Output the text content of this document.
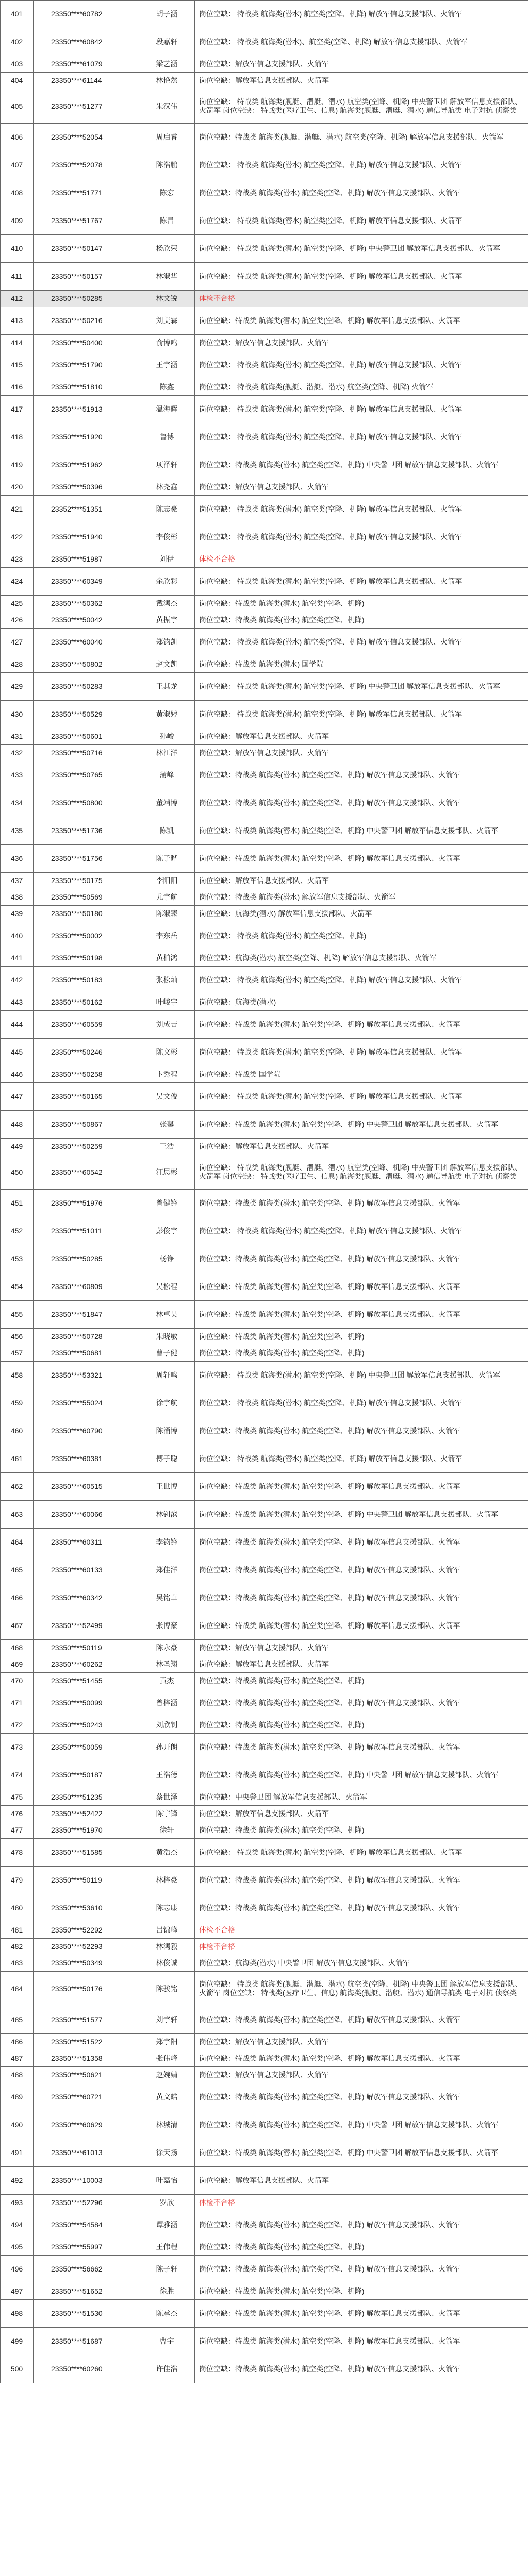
401	23350****60782	胡子涵	岗位空缺： 特战类 航海类(潜水) 航空类(空降、机降) 解放军信息支援部队、火箭军
402	23350****60842	段嘉轩	岗位空缺： 特战类 航海类(潜水)、航空类(空降、机降) 解放军信息支援部队、火箭军
403	23350****61079	梁艺涵	岗位空缺：解放军信息支援部队、火箭军
404	23350****61144	林艳然	岗位空缺：解放军信息支援部队、火箭军
405	23350****51277	朱汉伟	岗位空缺： 特战类 航海类(舰艇、潜艇、潜水) 航空类(空降、机降) 中央警卫团 解放军信息支援部队、火箭军 岗位空缺： 特战类(医疗卫生、信息) 航海类(舰艇、潜艇、潜水) 通信导航类 电子对抗 侦察类
406	23350****52054	周启睿	岗位空缺：特战类 航海类(舰艇、潜艇、潜水) 航空类(空降、机降) 解放军信息支援部队、火箭军
407	23350****52078	陈浩鹏	岗位空缺： 特战类 航海类(潜水) 航空类(空降、机降) 解放军信息支援部队、火箭军
408	23350****51771	陈宏	岗位空缺：特战类 航海类(潜水) 航空类(空降、机降) 解放军信息支援部队、火箭军
409	23350****51767	陈昌	岗位空缺： 特战类 航海类(潜水) 航空类(空降、机降) 解放军信息支援部队、火箭军
410	23350****50147	杨欣荣	岗位空缺： 特战类 航海类(潜水) 航空类(空降、机降) 中央警卫团 解放军信息支援部队、火箭军
411	23350****50157	林淑华	岗位空缺： 特战类 航海类(潜水) 航空类(空降、机降) 解放军信息支援部队、火箭军
412	23350****50285	林文锐	体检不合格
413	23350****50216	刘美霖	岗位空缺：特战类 航海类(潜水) 航空类(空降、机降) 解放军信息支援部队、火箭军
414	23350****50400	俞博鸣	岗位空缺：解放军信息支援部队、火箭军
415	23350****51790	王宇涵	岗位空缺： 特战类 航海类(潜水) 航空类(空降、机降) 解放军信息支援部队、火箭军
416	23350****51810	陈鑫	岗位空缺： 特战类 航海类(舰艇、潜艇、潜水) 航空类(空降、机降) 火箭军
417	23350****51913	温海晖	岗位空缺： 特战类 航海类(潜水) 航空类(空降、机降) 解放军信息支援部队、火箭军
418	23350****51920	鲁博	岗位空缺： 特战类 航海类(潜水) 航空类(空降、机降) 解放军信息支援部队、火箭军
419	23350****51962	项泽轩	岗位空缺：特战类 航海类(潜水) 航空类(空降、机降) 中央警卫团 解放军信息支援部队、火箭军
420	23350****50396	林尧鑫	岗位空缺：解放军信息支援部队、火箭军
421	23352****51351	陈志豪	岗位空缺： 特战类 航海类(潜水) 航空类(空降、机降) 解放军信息支援部队、火箭军
422	23350****51940	李俊彬	岗位空缺： 特战类 航海类(潜水) 航空类(空降、机降) 解放军信息支援部队、火箭军
423	23350****51987	刘伊	体检不合格
424	23350****60349	余欣彩	岗位空缺： 特战类 航海类(潜水) 航空类(空降、机降) 解放军信息支援部队、火箭军
425	23350****50362	戴鸿杰	岗位空缺：特战类 航海类(潜水) 航空类(空降、机降)
426	23350****50042	黄振宇	岗位空缺：特战类 航海类(潜水) 航空类(空降、机降)
427	23350****60040	郑钧凯	岗位空缺： 特战类 航海类(潜水) 航空类(空降、机降) 解放军信息支援部队、火箭军
428	23350****50802	赵文凯	岗位空缺：特战类 航海类(潜水) 国学院
429	23350****50283	王其龙	岗位空缺： 特战类 航海类(潜水) 航空类(空降、机降) 中央警卫团 解放军信息支援部队、火箭军
430	23350****50529	黄淑婷	岗位空缺： 特战类 航海类(潜水) 航空类(空降、机降) 解放军信息支援部队、火箭军
431	23350****50601	孙峻	岗位空缺：解放军信息支援部队、火箭军
432	23350****50716	林江洋	岗位空缺：解放军信息支援部队、火箭军
433	23350****50765	蒲峰	岗位空缺：特战类 航海类(潜水) 航空类(空降、机降) 解放军信息支援部队、火箭军
434	23350****50800	董靖博	岗位空缺：特战类 航海类(潜水) 航空类(空降、机降) 解放军信息支援部队、火箭军
435	23350****51736	陈凯	岗位空缺：特战类 航海类(潜水) 航空类(空降、机降) 中央警卫团 解放军信息支援部队、火箭军
436	23350****51756	陈子晔	岗位空缺：特战类 航海类(潜水) 航空类(空降、机降) 解放军信息支援部队、火箭军
437	23350****50175	李阳阳	岗位空缺：解放军信息支援部队、火箭军
438	23350****50569	尤宇航	岗位空缺：特战类 航海类(潜水) 解放军信息支援部队、火箭军
439	23350****50180	陈淑臻	岗位空缺：航海类(潜水) 解放军信息支援部队、火箭军
440	23350****50002	李东岳	岗位空缺： 特战类 航海类(潜水) 航空类(空降、机降)
441	23350****50198	黄柏鸿	岗位空缺：航海类(潜水) 航空类(空降、机降) 解放军信息支援部队、火箭军
442	23350****50183	张松灿	岗位空缺： 特战类 航海类(潜水) 航空类(空降、机降) 解放军信息支援部队、火箭军
443	23350****50162	叶峻宇	岗位空缺：航海类(潜水)
444	23350****60559	刘成吉	岗位空缺：特战类 航海类(潜水) 航空类(空降、机降) 解放军信息支援部队、火箭军
445	23350****50246	陈文彬	岗位空缺： 特战类 航海类(潜水) 航空类(空降、机降) 解放军信息支援部队、火箭军
446	23350****50258	卞秀程	岗位空缺：特战类 国学院
447	23350****50165	吴文俊	岗位空缺： 特战类 航海类(潜水) 航空类(空降、机降) 解放军信息支援部队、火箭军
448	23350****50867	张馨	岗位空缺：特战类 航海类(潜水) 航空类(空降、机降) 中央警卫团 解放军信息支援部队、火箭军
449	23350****50259	王浩	岗位空缺：解放军信息支援部队、火箭军
450	23350****60542	汪思彬	岗位空缺： 特战类 航海类(舰艇、潜艇、潜水) 航空类(空降、机降) 中央警卫团 解放军信息支援部队、火箭军 岗位空缺： 特战类(医疗卫生、信息) 航海类(舰艇、潜艇、潜水) 通信导航类 电子对抗 侦察类
451	23350****51976	曾健锋	岗位空缺：特战类 航海类(潜水) 航空类(空降、机降) 解放军信息支援部队、火箭军
452	23350****51011	彭俊宇	岗位空缺： 特战类 航海类(潜水) 航空类(空降、机降) 解放军信息支援部队、火箭军
453	23350****50285	杨铮	岗位空缺：特战类 航海类(潜水) 航空类(空降、机降) 解放军信息支援部队、火箭军
454	23350****60809	吴松程	岗位空缺：特战类 航海类(潜水) 航空类(空降、机降) 解放军信息支援部队、火箭军
455	23350****51847	林卓昊	岗位空缺：特战类 航海类(潜水) 航空类(空降、机降) 解放军信息支援部队、火箭军
456	23350****50728	朱晓敏	岗位空缺：特战类 航海类(潜水) 航空类(空降、机降)
457	23350****50681	曹子健	岗位空缺：特战类 航海类(潜水) 航空类(空降、机降)
458	23350****53321	周轩鸣	岗位空缺： 特战类 航海类(潜水) 航空类(空降、机降) 中央警卫团 解放军信息支援部队、火箭军
459	23350****55024	徐宇航	岗位空缺： 特战类 航海类(潜水) 航空类(空降、机降) 解放军信息支援部队、火箭军
460	23350****60790	陈涌博	岗位空缺：特战类 航海类(潜水) 航空类(空降、机降) 解放军信息支援部队、火箭军
461	23350****60381	傅子聪	岗位空缺： 特战类 航海类(潜水) 航空类(空降、机降) 解放军信息支援部队、火箭军
462	23350****60515	王世博	岗位空缺：特战类 航海类(潜水) 航空类(空降、机降) 解放军信息支援部队、火箭军
463	23350****60066	林钊滨	岗位空缺：特战类 航海类(潜水) 航空类(空降、机降) 中央警卫团 解放军信息支援部队、火箭军
464	23350****60311	李钧锋	岗位空缺：特战类 航海类(潜水) 航空类(空降、机降) 解放军信息支援部队、火箭军
465	23350****60133	郑佳洋	岗位空缺：特战类 航海类(潜水) 航空类(空降、机降) 解放军信息支援部队、火箭军
466	23350****60342	吴铭卓	岗位空缺：特战类 航海类(潜水) 航空类(空降、机降) 解放军信息支援部队、火箭军
467	23350****52499	张博豪	岗位空缺：特战类 航海类(潜水) 航空类(空降、机降) 解放军信息支援部队、火箭军
468	23350****50119	陈永豪	岗位空缺：解放军信息支援部队、火箭军
469	23350****60262	林圣翔	岗位空缺：解放军信息支援部队、火箭军
470	23350****51455	黄杰	岗位空缺：特战类 航海类(潜水) 航空类(空降、机降)
471	23350****50099	曾梓涵	岗位空缺：特战类 航海类(潜水) 航空类(空降、机降) 解放军信息支援部队、火箭军
472	23350****50243	刘欣钊	岗位空缺：特战类 航海类(潜水) 航空类(空降、机降)
473	23350****50059	孙开朗	岗位空缺：特战类 航海类(潜水) 航空类(空降、机降) 解放军信息支援部队、火箭军
474	23350****50187	王浩德	岗位空缺：特战类 航海类(潜水) 航空类(空降、机降) 中央警卫团 解放军信息支援部队、火箭军
475	23350****51235	蔡世泽	岗位空缺：中央警卫团 解放军信息支援部队、火箭军
476	23350****52422	陈宇锋	岗位空缺：解放军信息支援部队、火箭军
477	23350****51970	徐轩	岗位空缺：特战类 航海类(潜水) 航空类(空降、机降)
478	23350****51585	黄浩杰	岗位空缺： 特战类 航海类(潜水) 航空类(空降、机降) 解放军信息支援部队、火箭军
479	23350****50119	林梓豪	岗位空缺：特战类 航海类(潜水) 航空类(空降、机降) 解放军信息支援部队、火箭军
480	23350****53610	陈志康	岗位空缺：特战类 航海类(潜水) 航空类(空降、机降) 解放军信息支援部队、火箭军
481	23350****52292	吕锦峰	体检不合格
482	23350****52293	林鸿毅	体检不合格
483	23350****50349	林俊诚	岗位空缺：航海类(潜水) 中央警卫团 解放军信息支援部队、火箭军
484	23350****50176	陈骏铭	岗位空缺： 特战类 航海类(舰艇、潜艇、潜水) 航空类(空降、机降) 中央警卫团 解放军信息支援部队、火箭军 岗位空缺： 特战类(医疗卫生、信息) 航海类(舰艇、潜艇、潜水) 通信导航类 电子对抗 侦察类
485	23350****51577	刘宇轩	岗位空缺：特战类 航海类(潜水) 航空类(空降、机降) 解放军信息支援部队、火箭军
486	23350****51522	郑宇阳	岗位空缺：解放军信息支援部队、火箭军
487	23350****51358	张伟峰	岗位空缺：特战类 航海类(潜水) 航空类(空降、机降) 解放军信息支援部队、火箭军
488	23350****50621	赵婉婧	岗位空缺：解放军信息支援部队、火箭军
489	23350****60721	黄文皓	岗位空缺：特战类 航海类(潜水) 航空类(空降、机降) 解放军信息支援部队、火箭军
490	23350****60629	林城清	岗位空缺：特战类 航海类(潜水) 航空类(空降、机降) 中央警卫团 解放军信息支援部队、火箭军
491	23350****61013	徐天扬	岗位空缺：特战类 航海类(潜水) 航空类(空降、机降) 中央警卫团 解放军信息支援部队、火箭军
492	23350****10003	叶嘉怡	岗位空缺：解放军信息支援部队、火箭军
493	23350****52296	罗欣	体检不合格
494	23350****54584	谭雅涵	岗位空缺：特战类 航海类(潜水) 航空类(空降、机降) 解放军信息支援部队、火箭军
495	23350****55997	王伟程	岗位空缺：特战类 航海类(潜水) 航空类(空降、机降)
496	23350****56662	陈子轩	岗位空缺：特战类 航海类(潜水) 航空类(空降、机降) 解放军信息支援部队、火箭军
497	23350****51652	徐胜	岗位空缺：特战类 航海类(潜水) 航空类(空降、机降)
498	23350****51530	陈承杰	岗位空缺：特战类 航海类(潜水) 航空类(空降、机降) 解放军信息支援部队、火箭军
499	23350****51687	曹宇	岗位空缺：特战类 航海类(潜水) 航空类(空降、机降) 解放军信息支援部队、火箭军
500	23350****60260	许佳浩	岗位空缺：特战类 航海类(潜水) 航空类(空降、机降) 解放军信息支援部队、火箭军
